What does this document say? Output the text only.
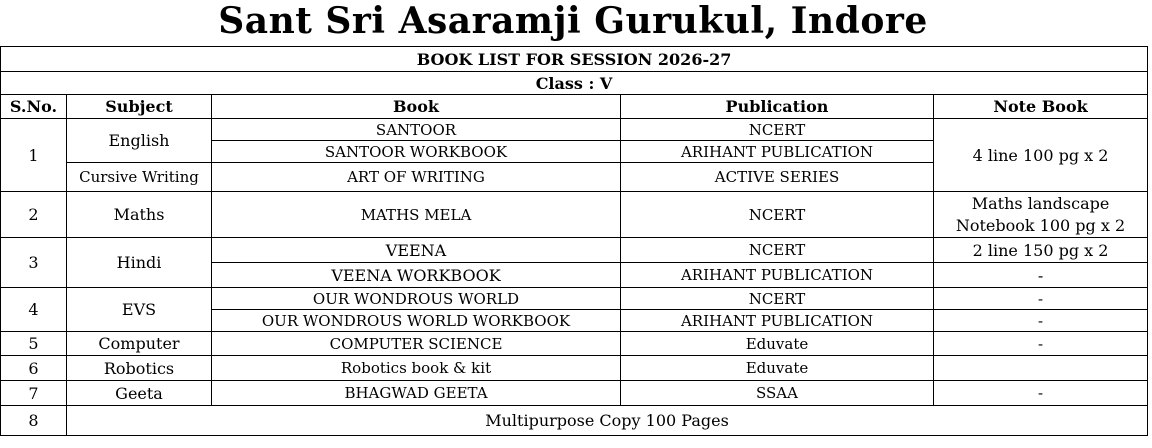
Sant Sri Asaramji Gurukul, Indore
BOOK LIST FOR SESSION 2026-27				
Class : V				
S.No.	Subject	Book	Publication	Note Book
1	English	SANTOOR	NCERT	4 line 100 pg x 2
		SANTOOR WORKBOOK	ARIHANT PUBLICATION	
	Cursive Writing	ART OF WRITING	ACTIVE SERIES	
2	Maths	MATHS MELA	NCERT	Maths landscape Notebook 100 pg x 2
3	Hindi	VEENA	NCERT	2 line 150 pg x 2
		VEENA WORKBOOK	ARIHANT PUBLICATION	-
4	EVS	OUR WONDROUS WORLD	NCERT	-
		OUR WONDROUS WORLD WORKBOOK	ARIHANT PUBLICATION	-
5	Computer	COMPUTER SCIENCE	Eduvate	-
6	Robotics	Robotics book & kit	Eduvate	
7	Geeta	BHAGWAD GEETA	SSAA	-
8	Multipurpose Copy 100 Pages			
